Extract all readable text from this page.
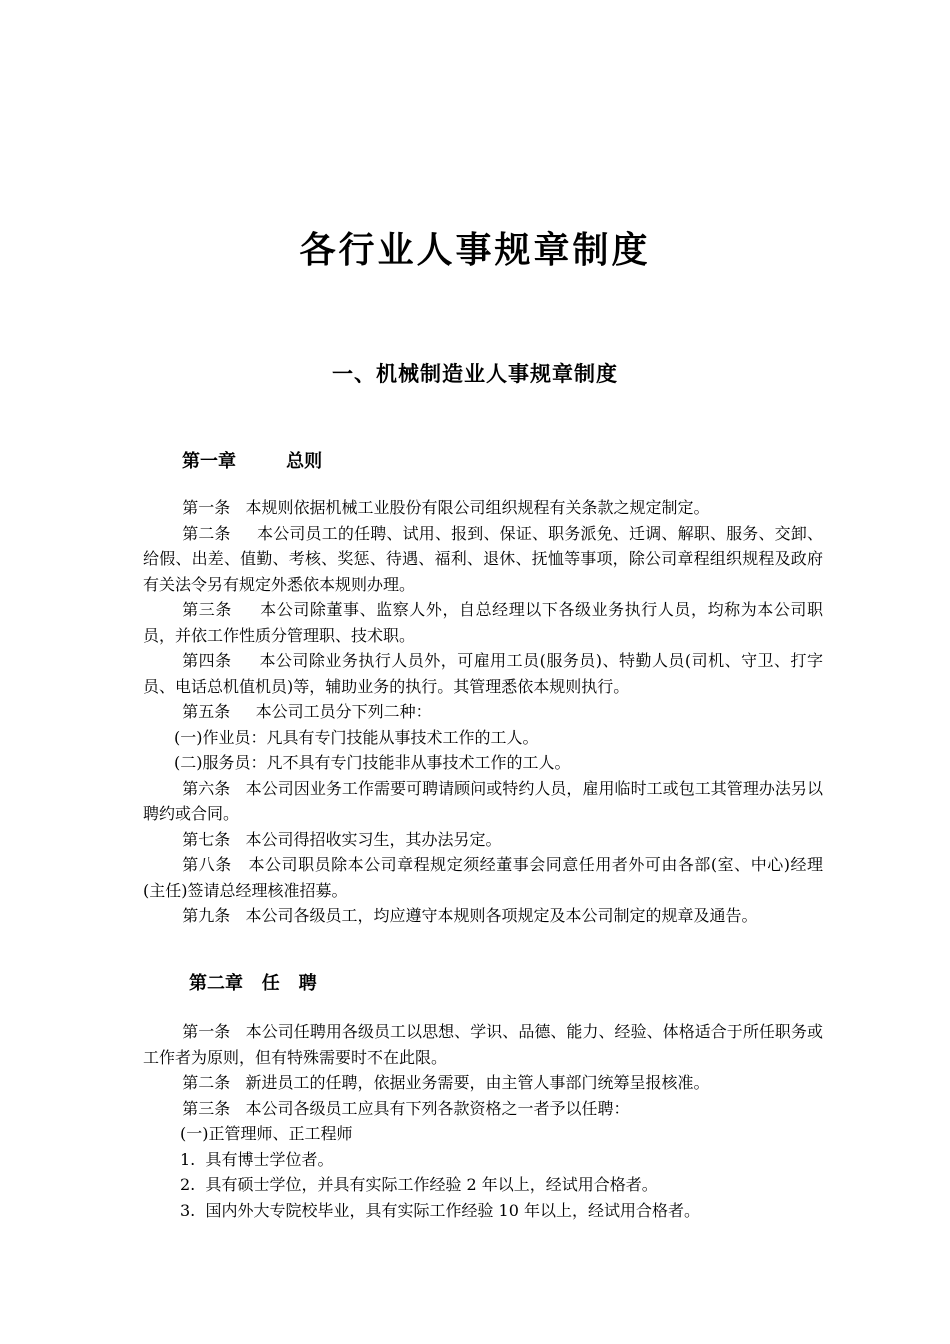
各行业人事规章制度
一、机械制造业人事规章制度
第一章        总则

第一条   本规则依据机械工业股份有限公司组织规程有关条款之规定制定。

第二条     本公司员工的任聘、试用、报到、保证、职务派免、迁调、解职、服务、交卸、给假、出差、值勤、考核、奖惩、待遇、福利、退休、抚恤等事项，除公司章程组织规程及政府有关法令另有规定外悉依本规则办理。

第三条     本公司除董事、监察人外，自总经理以下各级业务执行人员，均称为本公司职员，并依工作性质分管理职、技术职。

第四条     本公司除业务执行人员外，可雇用工员(服务员)、特勤人员(司机、守卫、打字员、电话总机值机员)等，辅助业务的执行。其管理悉依本规则执行。

第五条     本公司工员分下列二种：

(一)作业员：凡具有专门技能从事技术工作的工人。

(二)服务员：凡不具有专门技能非从事技术工作的工人。

第六条   本公司因业务工作需要可聘请顾问或特约人员，雇用临时工或包工其管理办法另以聘约或合同。

第七条   本公司得招收实习生，其办法另定。

第八条   本公司职员除本公司章程规定须经董事会同意任用者外可由各部(室、中心)经理(主任)签请总经理核准招募。

第九条   本公司各级员工，均应遵守本规则各项规定及本公司制定的规章及通告。

第二章   任   聘

第一条   本公司任聘用各级员工以思想、学识、品德、能力、经验、体格适合于所任职务或工作者为原则，但有特殊需要时不在此限。

第二条   新进员工的任聘，依据业务需要，由主管人事部门统筹呈报核准。

第三条   本公司各级员工应具有下列各款资格之一者予以任聘：

(一)正管理师、正工程师

1.  具有博士学位者。

2.  具有硕士学位，并具有实际工作经验 2 年以上，经试用合格者。

3.  国内外大专院校毕业，具有实际工作经验 10 年以上，经试用合格者。
